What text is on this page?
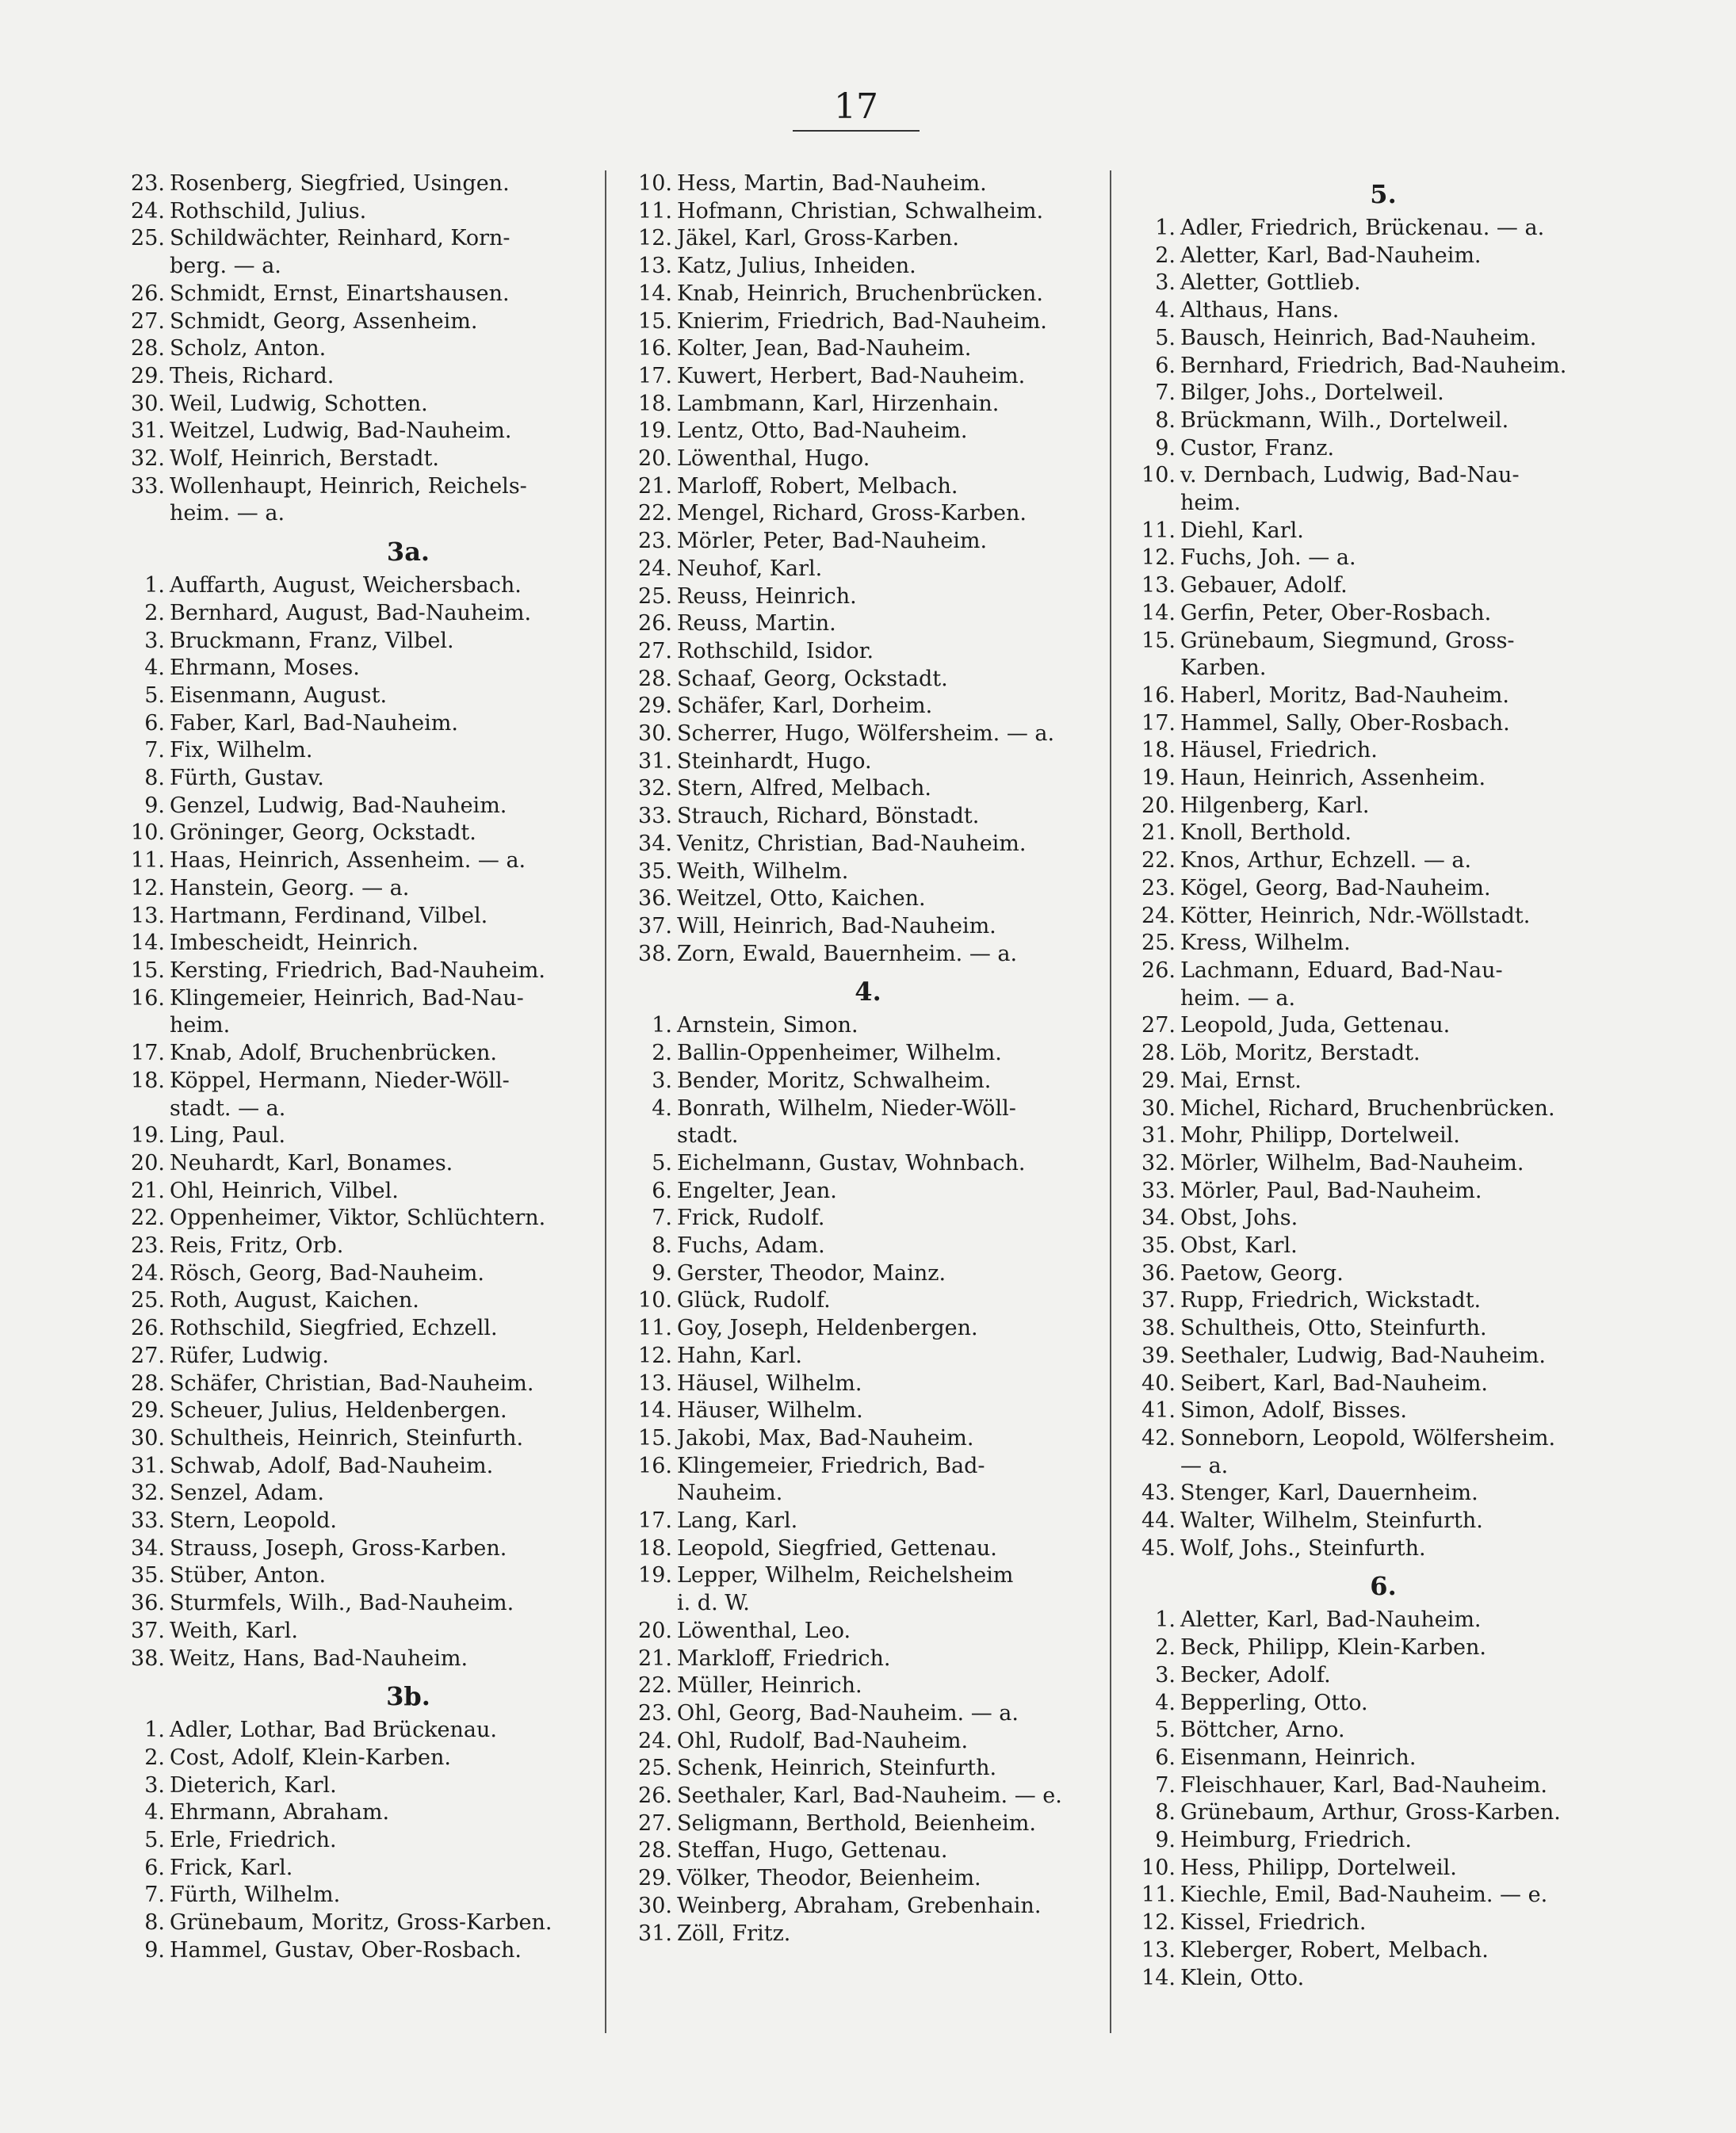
17
23. Rosenberg, Siegfried, Usingen.
24. Rothschild, Julius.
25. Schildwächter, Reinhard, Korn-
berg. — a.
26. Schmidt, Ernst, Einartshausen.
27. Schmidt, Georg, Assenheim.
28. Scholz, Anton.
29. Theis, Richard.
30. Weil, Ludwig, Schotten.
31. Weitzel, Ludwig, Bad-Nauheim.
32. Wolf, Heinrich, Berstadt.
33. Wollenhaupt, Heinrich, Reichels-
heim. — a.
3a.
1. Auffarth, August, Weichersbach.
2. Bernhard, August, Bad-Nauheim.
3. Bruckmann, Franz, Vilbel.
4. Ehrmann, Moses.
5. Eisenmann, August.
6. Faber, Karl, Bad-Nauheim.
7. Fix, Wilhelm.
8. Fürth, Gustav.
9. Genzel, Ludwig, Bad-Nauheim.
10. Gröninger, Georg, Ockstadt.
11. Haas, Heinrich, Assenheim. — a.
12. Hanstein, Georg. — a.
13. Hartmann, Ferdinand, Vilbel.
14. Imbescheidt, Heinrich.
15. Kersting, Friedrich, Bad-Nauheim.
16. Klingemeier, Heinrich, Bad-Nau-
heim.
17. Knab, Adolf, Bruchenbrücken.
18. Köppel, Hermann, Nieder-Wöll-
stadt. — a.
19. Ling, Paul.
20. Neuhardt, Karl, Bonames.
21. Ohl, Heinrich, Vilbel.
22. Oppenheimer, Viktor, Schlüchtern.
23. Reis, Fritz, Orb.
24. Rösch, Georg, Bad-Nauheim.
25. Roth, August, Kaichen.
26. Rothschild, Siegfried, Echzell.
27. Rüfer, Ludwig.
28. Schäfer, Christian, Bad-Nauheim.
29. Scheuer, Julius, Heldenbergen.
30. Schultheis, Heinrich, Steinfurth.
31. Schwab, Adolf, Bad-Nauheim.
32. Senzel, Adam.
33. Stern, Leopold.
34. Strauss, Joseph, Gross-Karben.
35. Stüber, Anton.
36. Sturmfels, Wilh., Bad-Nauheim.
37. Weith, Karl.
38. Weitz, Hans, Bad-Nauheim.
3b.
1. Adler, Lothar, Bad Brückenau.
2. Cost, Adolf, Klein-Karben.
3. Dieterich, Karl.
4. Ehrmann, Abraham.
5. Erle, Friedrich.
6. Frick, Karl.
7. Fürth, Wilhelm.
8. Grünebaum, Moritz, Gross-Karben.
9. Hammel, Gustav, Ober-Rosbach.
10. Hess, Martin, Bad-Nauheim.
11. Hofmann, Christian, Schwalheim.
12. Jäkel, Karl, Gross-Karben.
13. Katz, Julius, Inheiden.
14. Knab, Heinrich, Bruchenbrücken.
15. Knierim, Friedrich, Bad-Nauheim.
16. Kolter, Jean, Bad-Nauheim.
17. Kuwert, Herbert, Bad-Nauheim.
18. Lambmann, Karl, Hirzenhain.
19. Lentz, Otto, Bad-Nauheim.
20. Löwenthal, Hugo.
21. Marloff, Robert, Melbach.
22. Mengel, Richard, Gross-Karben.
23. Mörler, Peter, Bad-Nauheim.
24. Neuhof, Karl.
25. Reuss, Heinrich.
26. Reuss, Martin.
27. Rothschild, Isidor.
28. Schaaf, Georg, Ockstadt.
29. Schäfer, Karl, Dorheim.
30. Scherrer, Hugo, Wölfersheim. — a.
31. Steinhardt, Hugo.
32. Stern, Alfred, Melbach.
33. Strauch, Richard, Bönstadt.
34. Venitz, Christian, Bad-Nauheim.
35. Weith, Wilhelm.
36. Weitzel, Otto, Kaichen.
37. Will, Heinrich, Bad-Nauheim.
38. Zorn, Ewald, Bauernheim. — a.
4.
1. Arnstein, Simon.
2. Ballin-Oppenheimer, Wilhelm.
3. Bender, Moritz, Schwalheim.
4. Bonrath, Wilhelm, Nieder-Wöll-
stadt.
5. Eichelmann, Gustav, Wohnbach.
6. Engelter, Jean.
7. Frick, Rudolf.
8. Fuchs, Adam.
9. Gerster, Theodor, Mainz.
10. Glück, Rudolf.
11. Goy, Joseph, Heldenbergen.
12. Hahn, Karl.
13. Häusel, Wilhelm.
14. Häuser, Wilhelm.
15. Jakobi, Max, Bad-Nauheim.
16. Klingemeier, Friedrich, Bad-
Nauheim.
17. Lang, Karl.
18. Leopold, Siegfried, Gettenau.
19. Lepper, Wilhelm, Reichelsheim
i. d. W.
20. Löwenthal, Leo.
21. Markloff, Friedrich.
22. Müller, Heinrich.
23. Ohl, Georg, Bad-Nauheim. — a.
24. Ohl, Rudolf, Bad-Nauheim.
25. Schenk, Heinrich, Steinfurth.
26. Seethaler, Karl, Bad-Nauheim. — e.
27. Seligmann, Berthold, Beienheim.
28. Steffan, Hugo, Gettenau.
29. Völker, Theodor, Beienheim.
30. Weinberg, Abraham, Grebenhain.
31. Zöll, Fritz.
5.
1. Adler, Friedrich, Brückenau. — a.
2. Aletter, Karl, Bad-Nauheim.
3. Aletter, Gottlieb.
4. Althaus, Hans.
5. Bausch, Heinrich, Bad-Nauheim.
6. Bernhard, Friedrich, Bad-Nauheim.
7. Bilger, Johs., Dortelweil.
8. Brückmann, Wilh., Dortelweil.
9. Custor, Franz.
10. v. Dernbach, Ludwig, Bad-Nau-
heim.
11. Diehl, Karl.
12. Fuchs, Joh. — a.
13. Gebauer, Adolf.
14. Gerfin, Peter, Ober-Rosbach.
15. Grünebaum, Siegmund, Gross-
Karben.
16. Haberl, Moritz, Bad-Nauheim.
17. Hammel, Sally, Ober-Rosbach.
18. Häusel, Friedrich.
19. Haun, Heinrich, Assenheim.
20. Hilgenberg, Karl.
21. Knoll, Berthold.
22. Knos, Arthur, Echzell. — a.
23. Kögel, Georg, Bad-Nauheim.
24. Kötter, Heinrich, Ndr.-Wöllstadt.
25. Kress, Wilhelm.
26. Lachmann, Eduard, Bad-Nau-
heim. — a.
27. Leopold, Juda, Gettenau.
28. Löb, Moritz, Berstadt.
29. Mai, Ernst.
30. Michel, Richard, Bruchenbrücken.
31. Mohr, Philipp, Dortelweil.
32. Mörler, Wilhelm, Bad-Nauheim.
33. Mörler, Paul, Bad-Nauheim.
34. Obst, Johs.
35. Obst, Karl.
36. Paetow, Georg.
37. Rupp, Friedrich, Wickstadt.
38. Schultheis, Otto, Steinfurth.
39. Seethaler, Ludwig, Bad-Nauheim.
40. Seibert, Karl, Bad-Nauheim.
41. Simon, Adolf, Bisses.
42. Sonneborn, Leopold, Wölfersheim.
— a.
43. Stenger, Karl, Dauernheim.
44. Walter, Wilhelm, Steinfurth.
45. Wolf, Johs., Steinfurth.
6.
1. Aletter, Karl, Bad-Nauheim.
2. Beck, Philipp, Klein-Karben.
3. Becker, Adolf.
4. Bepperling, Otto.
5. Böttcher, Arno.
6. Eisenmann, Heinrich.
7. Fleischhauer, Karl, Bad-Nauheim.
8. Grünebaum, Arthur, Gross-Karben.
9. Heimburg, Friedrich.
10. Hess, Philipp, Dortelweil.
11. Kiechle, Emil, Bad-Nauheim. — e.
12. Kissel, Friedrich.
13. Kleberger, Robert, Melbach.
14. Klein, Otto.
